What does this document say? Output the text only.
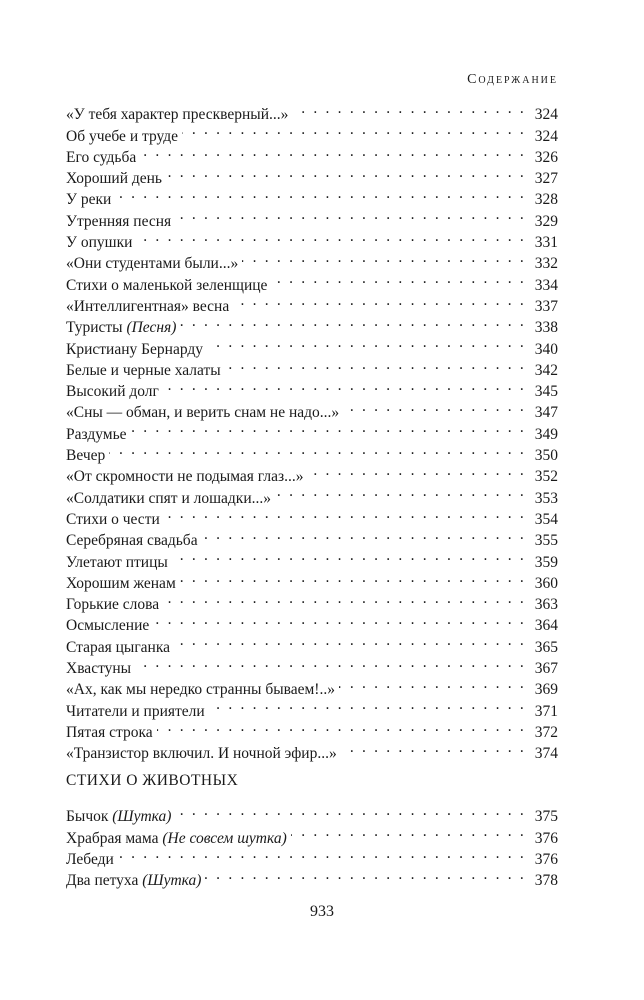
Содержание
«У тебя характер прескверный...» . . .	324
Об учебе и труде . . .	324
Его судьба . . .	326
Хороший день . . .	327
У реки . . .	328
Утренняя песня . . .	329
У опушки . . .	331
«Они студентами были...» . . .	332
Стихи о маленькой зеленщице . . .	334
«Интеллигентная» весна . . .	337
Туристы (Песня) . . .	338
Кристиану Бернарду . . .	340
Белые и черные халаты . . .	342
Высокий долг . . .	345
«Сны — обман, и верить снам не надо...» . . .	347
Раздумье . . .	349
Вечер . . .	350
«От скромности не подымая глаз...» . . .	352
«Солдатики спят и лошадки...» . . .	353
Стихи о чести . . .	354
Серебряная свадьба . . .	355
Улетают птицы . . .	359
Хорошим женам . . .	360
Горькие слова . . .	363
Осмысление . . .	364
Старая цыганка . . .	365
Хвастуны . . .	367
«Ах, как мы нередко странны бываем!..» . . .	369
Читатели и приятели . . .	371
Пятая строка . . .	372
«Транзистор включил. И ночной эфир...» . . .	374
СТИХИ О ЖИВОТНЫХ
Бычок (Шутка) . . .	375
Храбрая мама (Не совсем шутка) . . .	376
Лебеди . . .	376
Два петуха (Шутка) . . .	378
933
